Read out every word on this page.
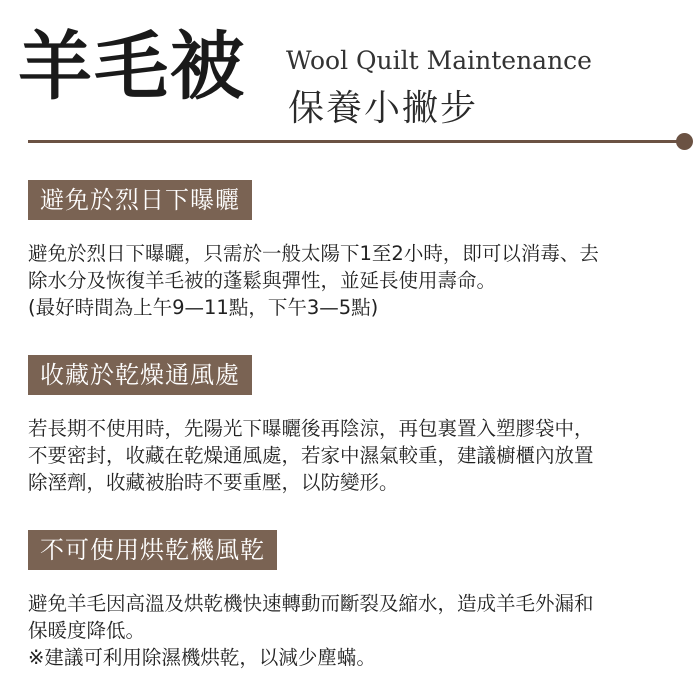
羊毛被 Wool Quilt Maintenance
保養小撇步
避免於烈日下曝曬

避免於烈日下曝曬，只需於一般太陽下1至2小時，即可以消毒、去
除水分及恢復羊毛被的蓬鬆與彈性，並延長使用壽命。
(最好時間為上午9—11點，下午3—5點)

收藏於乾燥通風處

若長期不使用時，先陽光下曝曬後再陰涼，再包裏置入塑膠袋中，
不要密封，收藏在乾燥通風處，若家中濕氣較重，建議櫥櫃內放置
除溼劑，收藏被胎時不要重壓，以防變形。

不可使用烘乾機風乾

避免羊毛因高溫及烘乾機快速轉動而斷裂及縮水，造成羊毛外漏和
保暖度降低。
※建議可利用除濕機烘乾，以減少塵蟎。
